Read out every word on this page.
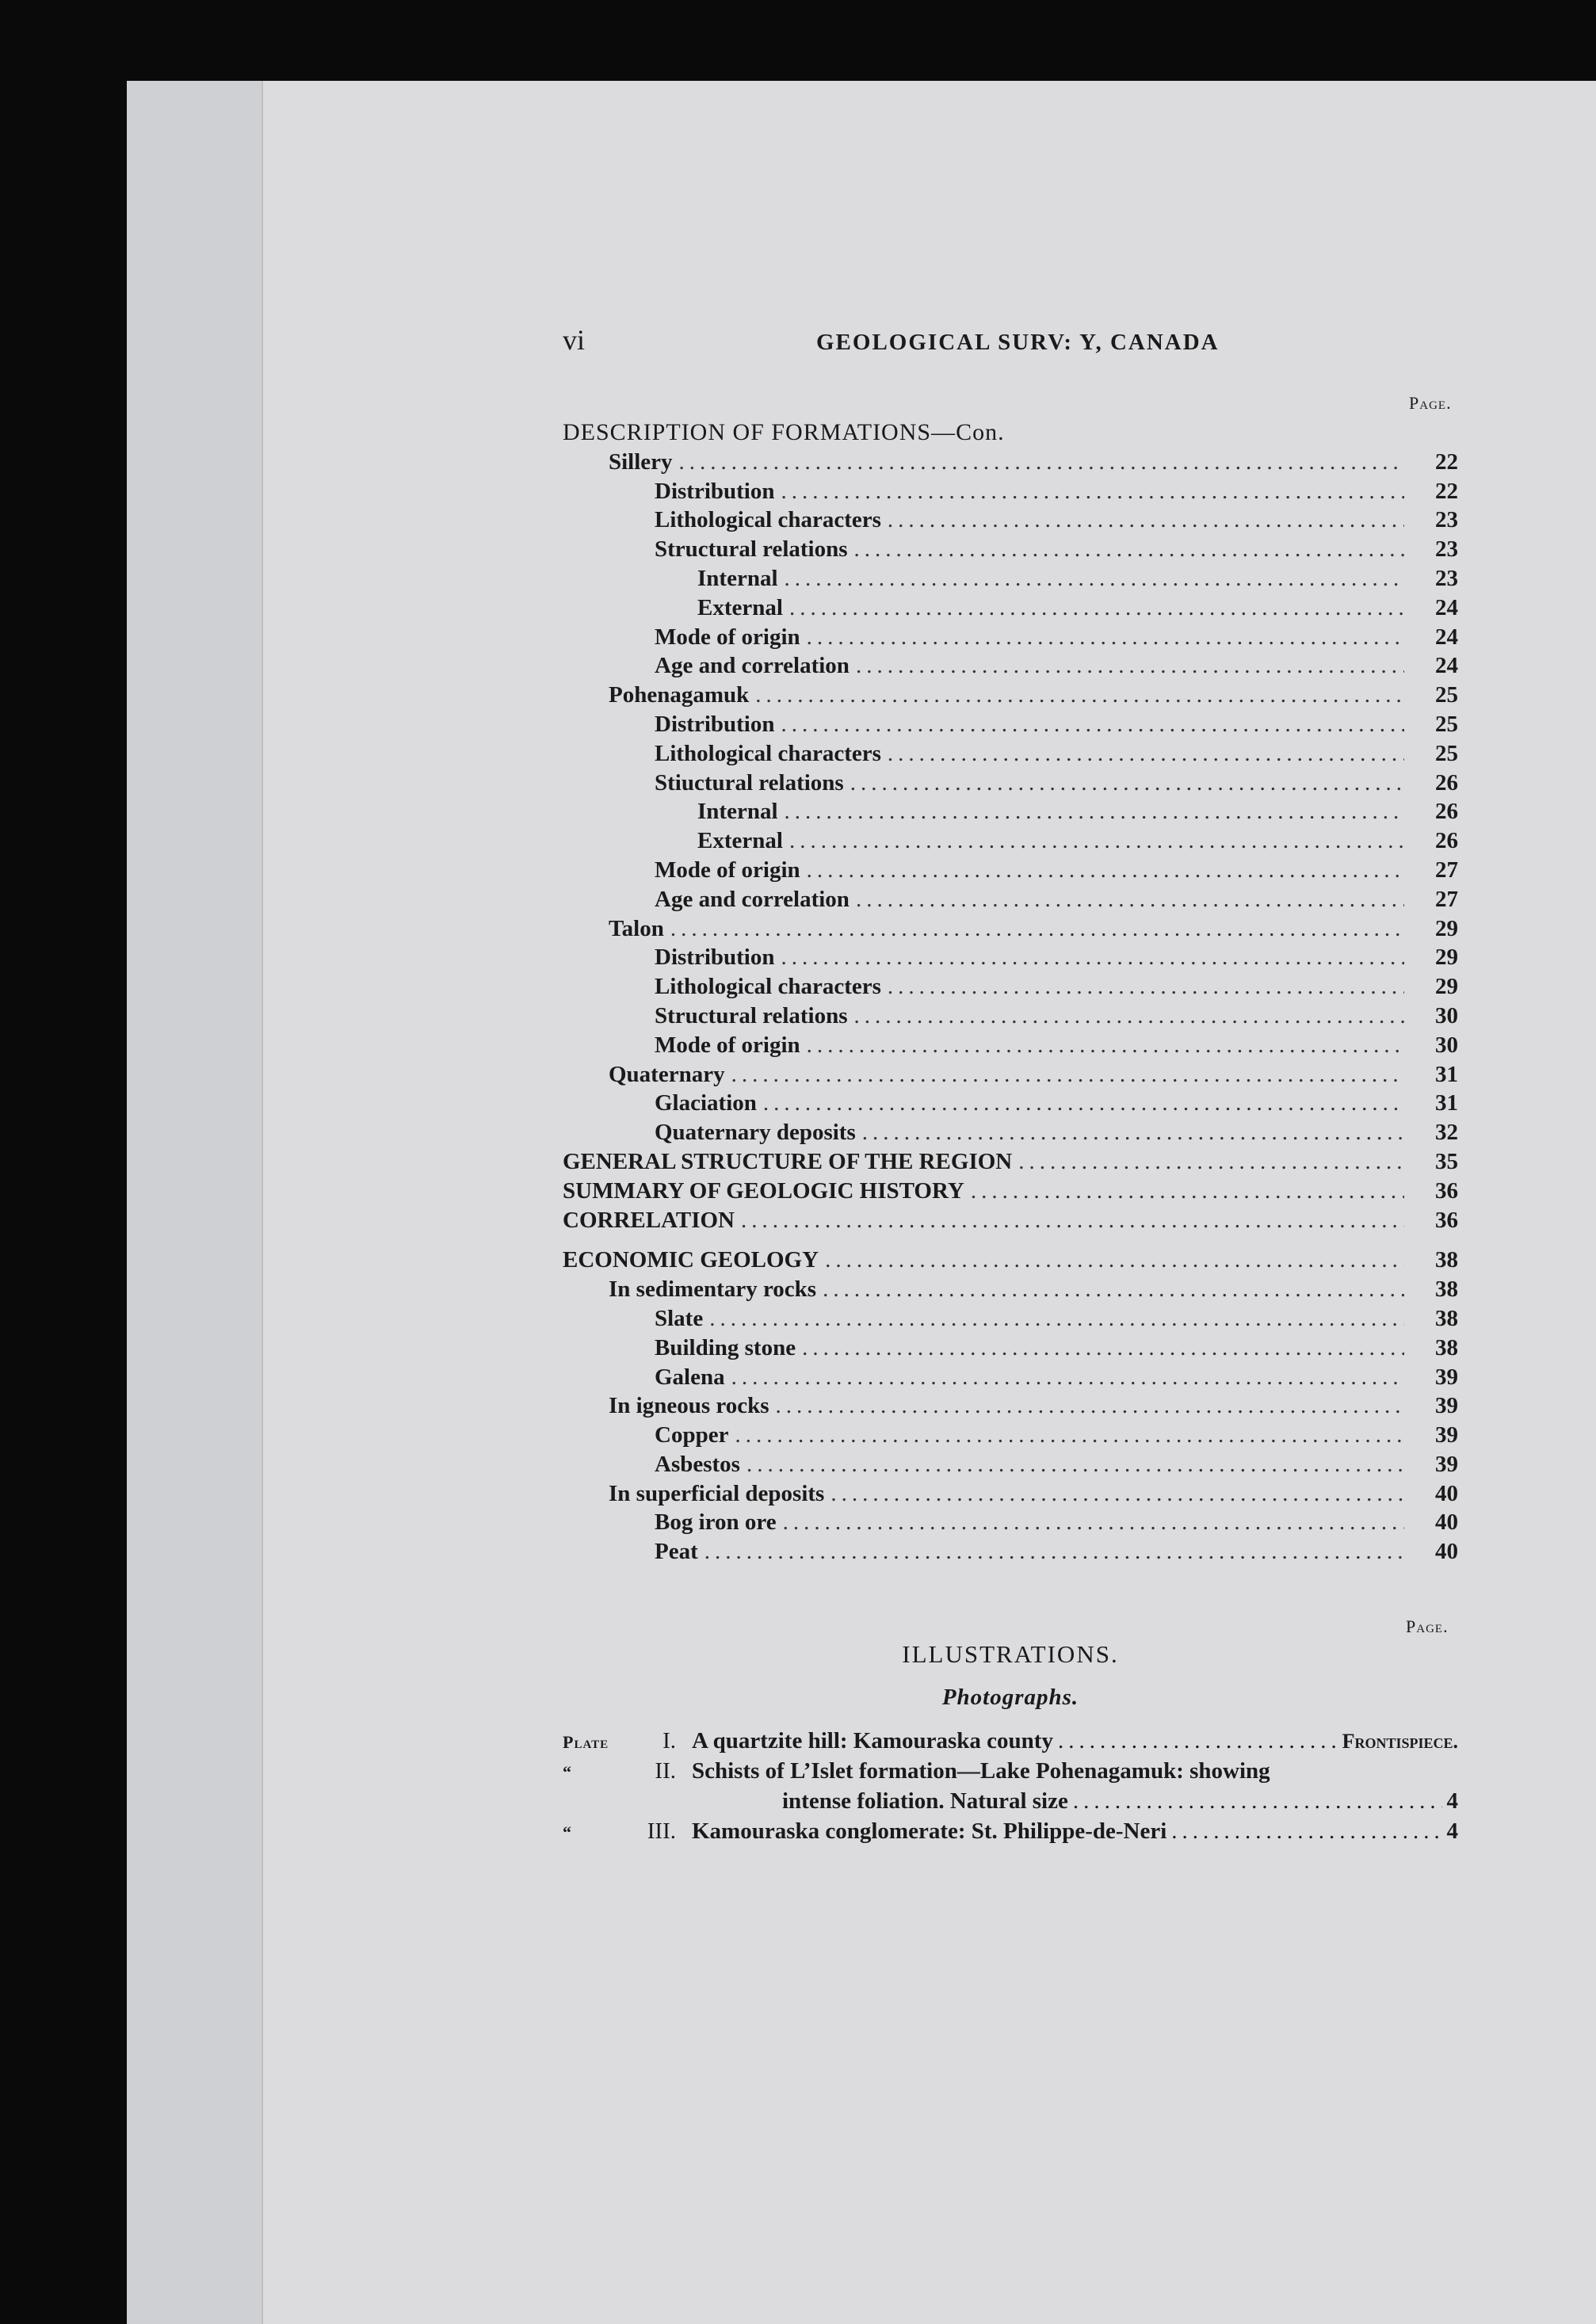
vi	GEOLOGICAL SURV: Y, CANADA
Page.
DESCRIPTION OF FORMATIONS—Con.
Sillery .....	22
Distribution .....	22
Lithological characters .....	23
Structural relations .....	23
Internal .....	23
External .....	24
Mode of origin .....	24
Age and correlation .....	24
Pohenagamuk .....	25
Distribution .....	25
Lithological characters .....	25
Stiuctural relations .....	26
Internal .....	26
External .....	26
Mode of origin .....	27
Age and correlation .....	27
Talon .....	29
Distribution .....	29
Lithological characters .....	29
Structural relations .....	30
Mode of origin .....	30
Quaternary .....	31
Glaciation .....	31
Quaternary deposits .....	32
GENERAL STRUCTURE OF THE REGION .....	35
SUMMARY OF GEOLOGIC HISTORY .....	36
CORRELATION .....	36
ECONOMIC GEOLOGY .....	38
In sedimentary rocks .....	38
Slate .....	38
Building stone .....	38
Galena .....	39
In igneous rocks .....	39
Copper .....	39
Asbestos .....	39
In superficial deposits .....	40
Bog iron ore .....	40
Peat .....	40
Page.
ILLUSTRATIONS.
Photographs.
Plate	I. A quartzite hill: Kamouraska county .....	Frontispiece.
“	II. Schists of L’Islet formation—Lake Pohenagamuk: showing
intense foliation. Natural size .....	4
“	III. Kamouraska conglomerate: St. Philippe-de-Neri .....	4
